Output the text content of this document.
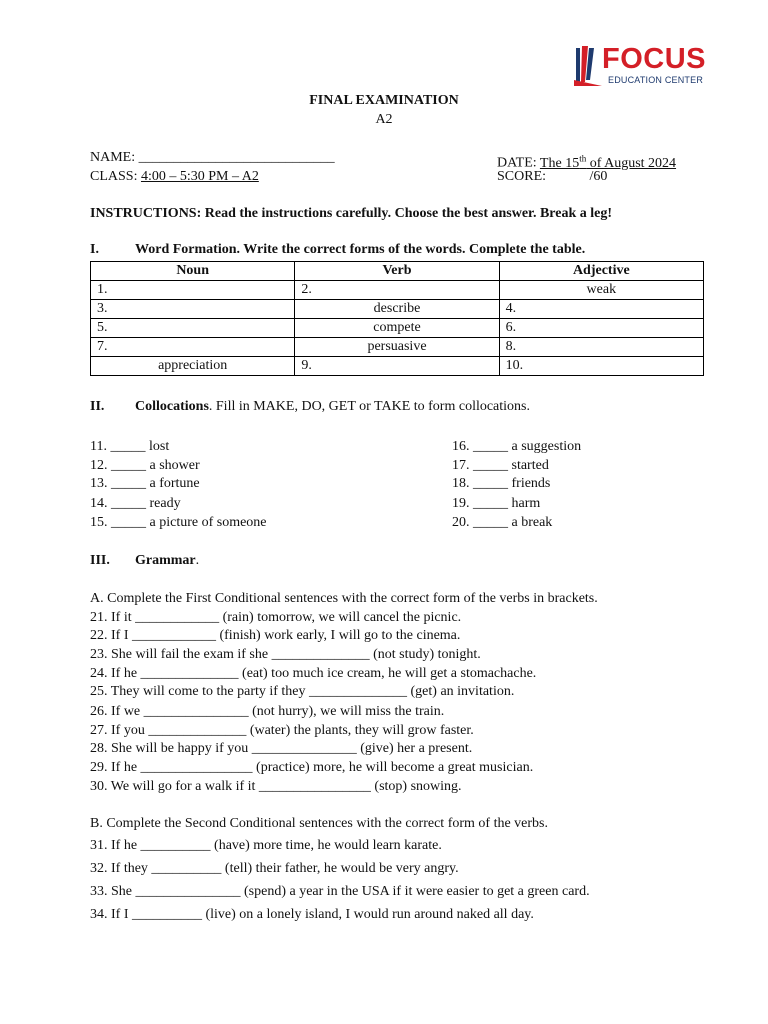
FOCUS
EDUCATION CENTER
FINAL EXAMINATION
A2
NAME: ____________________________
CLASS: 4:00 – 5:30 PM – A2
DATE: The 15th of August 2024
SCORE:	/60
INSTRUCTIONS: Read the instructions carefully. Choose the best answer. Break a leg!
I.	Word Formation. Write the correct forms of the words. Complete the table.
Noun	Verb	Adjective
1.	2.	weak
3.	describe	4.
5.	compete	6.
7.	persuasive	8.
appreciation	9.	10.
II. Collocations. Fill in MAKE, DO, GET or TAKE to form collocations.
11. _____ lost
12. _____ a shower
13. _____ a fortune
14. _____ ready
15. _____ a picture of someone
16. _____ a suggestion
17. _____ started
18. _____ friends
19. _____ harm
20. _____ a break
III. Grammar.
A. Complete the First Conditional sentences with the correct form of the verbs in brackets.
21. If it ____________ (rain) tomorrow, we will cancel the picnic.
22. If I ____________ (finish) work early, I will go to the cinema.
23. She will fail the exam if she ______________ (not study) tonight.
24. If he ______________ (eat) too much ice cream, he will get a stomachache.
25. They will come to the party if they ______________ (get) an invitation.
26. If we _______________ (not hurry), we will miss the train.
27. If you ______________ (water) the plants, they will grow faster.
28. She will be happy if you _______________ (give) her a present.
29. If he ________________ (practice) more, he will become a great musician.
30. We will go for a walk if it ________________ (stop) snowing.
B. Complete the Second Conditional sentences with the correct form of the verbs.
31. If he __________ (have) more time, he would learn karate.
32. If they __________ (tell) their father, he would be very angry.
33. She _______________ (spend) a year in the USA if it were easier to get a green card.
34. If I __________ (live) on a lonely island, I would run around naked all day.
